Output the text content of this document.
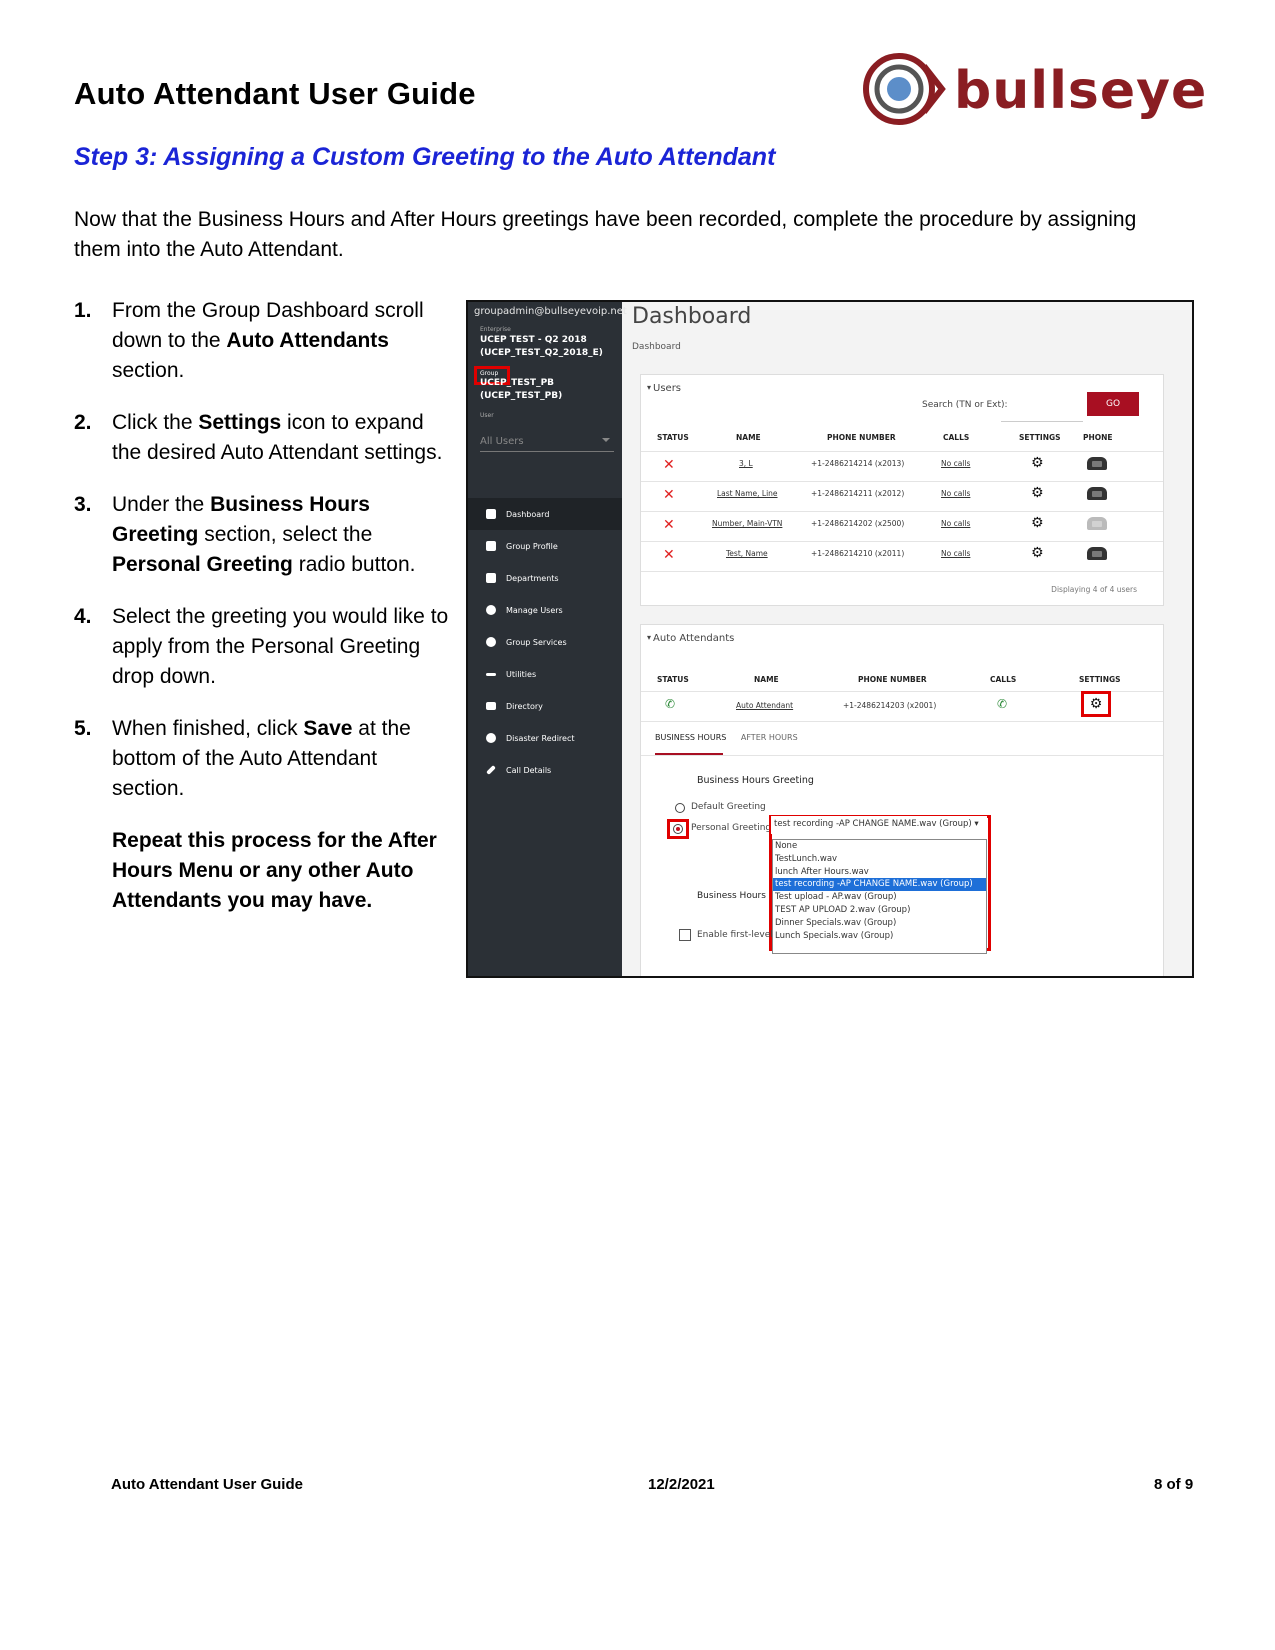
Auto Attendant User Guide	bullseye
Step 3: Assigning a Custom Greeting to the Auto Attendant
Now that the Business Hours and After Hours greetings have been recorded, complete the procedure by assigning them into the Auto Attendant.
1. From the Group Dashboard scroll down to the Auto Attendants section.
2. Click the Settings icon to expand the desired Auto Attendant settings.
3. Under the Business Hours Greeting section, select the Personal Greeting radio button.
4. Select the greeting you would like to apply from the Personal Greeting drop down.
5. When finished, click Save at the bottom of the Auto Attendant section.
Repeat this process for the After Hours Menu or any other Auto Attendants you may have.
groupadmin@bullseyevoip.net
Enterprise
UCEP TEST - Q2 2018
(UCEP_TEST_Q2_2018_E)
Group
UCEP_TEST_PB
(UCEP_TEST_PB)
User
All Users
Dashboard
Group Profile
Departments
Manage Users
Group Services
Utilities
Directory
Disaster Redirect
Call Details
Dashboard
Dashboard
▾ Users
Search (TN or Ext):	GO
STATUS	NAME	PHONE NUMBER	CALLS	SETTINGS	PHONE
✕	3, L	+1-2486214214 (x2013)	No calls	⚙
✕	Last Name, Line	+1-2486214211 (x2012)	No calls	⚙
✕	Number, Main-VTN	+1-2486214202 (x2500)	No calls	⚙
✕	Test, Name	+1-2486214210 (x2011)	No calls	⚙
Displaying 4 of 4 users
▾ Auto Attendants
STATUS	NAME	PHONE NUMBER	CALLS	SETTINGS
✆	Auto Attendant	+1-2486214203 (x2001)	✆	⚙
BUSINESS HOURS AFTER HOURS
Business Hours Greeting
Default Greeting
Personal Greeting test recording -AP CHANGE NAME.wav (Group) ▾
None
TestLunch.wav
lunch After Hours.wav
test recording -AP CHANGE NAME.wav (Group)
Test upload - AP.wav (Group)
TEST AP UPLOAD 2.wav (Group)
Dinner Specials.wav (Group)
Lunch Specials.wav (Group)
Business Hours
Enable first-level
Auto Attendant User Guide	12/2/2021	8 of 9
